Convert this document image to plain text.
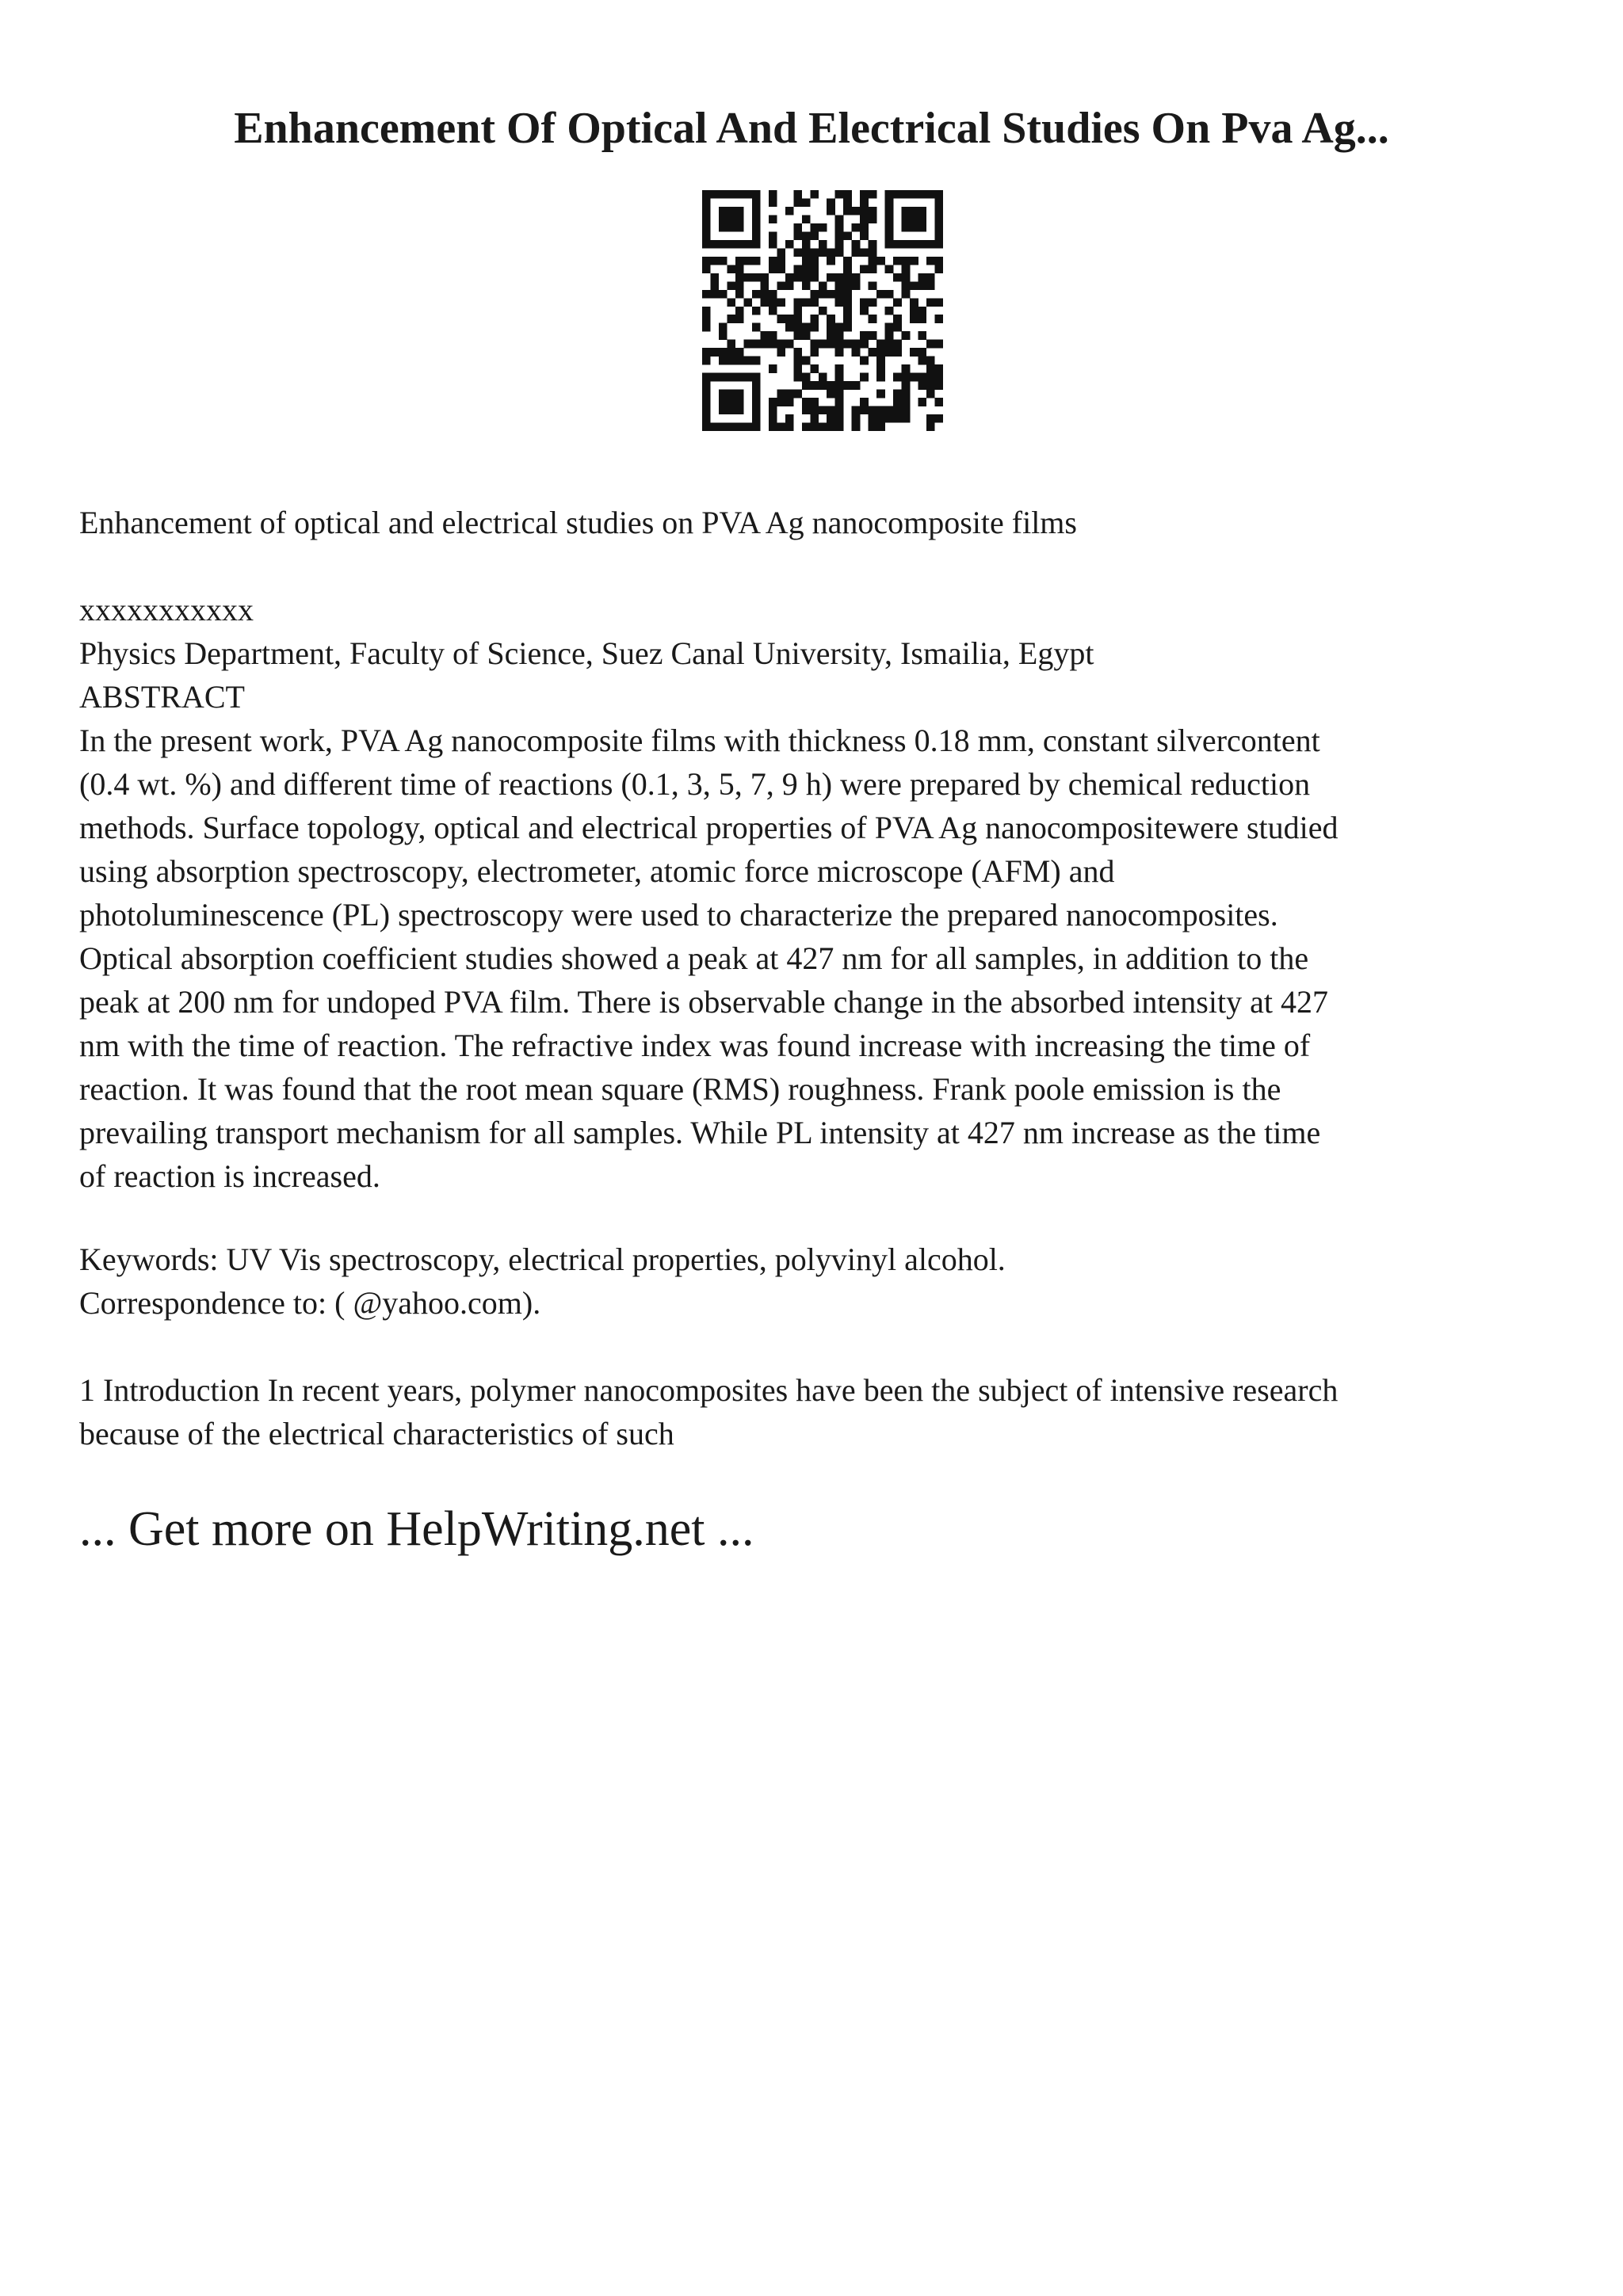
Enhancement Of Optical And Electrical Studies On Pva Ag...
Enhancement of optical and electrical studies on PVA Ag nanocomposite films
xxxxxxxxxxx
Physics Department, Faculty of Science, Suez Canal University, Ismailia, Egypt
ABSTRACT
In the present work, PVA Ag nanocomposite films with thickness 0.18 mm, constant silvercontent
(0.4 wt. %) and different time of reactions (0.1, 3, 5, 7, 9 h) were prepared by chemical reduction
methods. Surface topology, optical and electrical properties of PVA Ag nanocompositewere studied
using absorption spectroscopy, electrometer, atomic force microscope (AFM) and
photoluminescence (PL) spectroscopy were used to characterize the prepared nanocomposites.
Optical absorption coefficient studies showed a peak at 427 nm for all samples, in addition to the
peak at 200 nm for undoped PVA film. There is observable change in the absorbed intensity at 427
nm with the time of reaction. The refractive index was found increase with increasing the time of
reaction. It was found that the root mean square (RMS) roughness. Frank poole emission is the
prevailing transport mechanism for all samples. While PL intensity at 427 nm increase as the time
of reaction is increased.
Keywords: UV Vis spectroscopy, electrical properties, polyvinyl alcohol.
Correspondence to: ( @yahoo.com).
1 Introduction In recent years, polymer nanocomposites have been the subject of intensive research
because of the electrical characteristics of such
... Get more on HelpWriting.net ...
